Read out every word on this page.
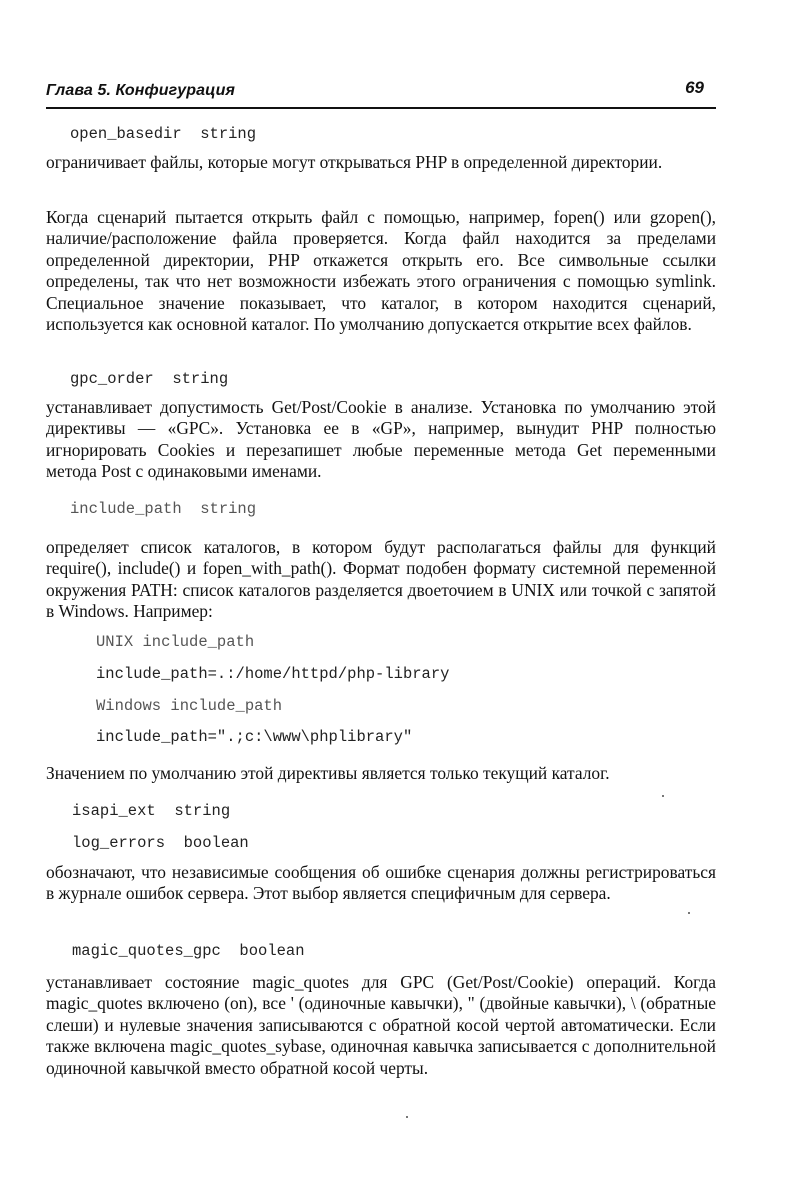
Глава 5. Конфигурация	69
open_basedir  string
ограничивает файлы, которые могут открываться PHP в определенной директории.
Когда сценарий пытается открыть файл с помощью, например, fopen() или gzopen(), наличие/расположение файла проверяется. Когда файл находится за пределами определенной директории, PHP откажется открыть его. Все символьные ссылки определены, так что нет возможности избежать этого ограничения с помощью symlink. Специальное значение показывает, что каталог, в котором находится сценарий, используется как основной каталог. По умолчанию допускается открытие всех файлов.
gpc_order  string
устанавливает допустимость Get/Post/Cookie в анализе. Установка по умолчанию этой директивы — «GPC». Установка ее в «GP», например, вынудит PHP полностью игнорировать Cookies и перезапишет любые переменные метода Get переменными метода Post с одинаковыми именами.
include_path  string
определяет список каталогов, в котором будут располагаться файлы для функций require(), include() и fopen_with_path(). Формат подобен формату системной переменной окружения PATH: список каталогов разделяется двоеточием в UNIX или точкой с запятой в Windows. Например:
UNIX include_path
include_path=.:/home/httpd/php-library
Windows include_path
include_path=".;c:\www\phplibrary"
Значением по умолчанию этой директивы является только текущий каталог.
isapi_ext  string
log_errors  boolean
обозначают, что независимые сообщения об ошибке сценария должны регистрироваться в журнале ошибок сервера. Этот выбор является специфичным для сервера.
magic_quotes_gpc  boolean
устанавливает состояние magic_quotes для GPC (Get/Post/Cookie) операций. Когда magic_quotes включено (on), все ' (одиночные кавычки), " (двойные кавычки), \ (обратные слеши) и нулевые значения записываются с обратной косой чертой автоматически. Если также включена magic_quotes_sybase, одиночная кавычка записывается с дополнительной одиночной кавычкой вместо обратной косой черты.
